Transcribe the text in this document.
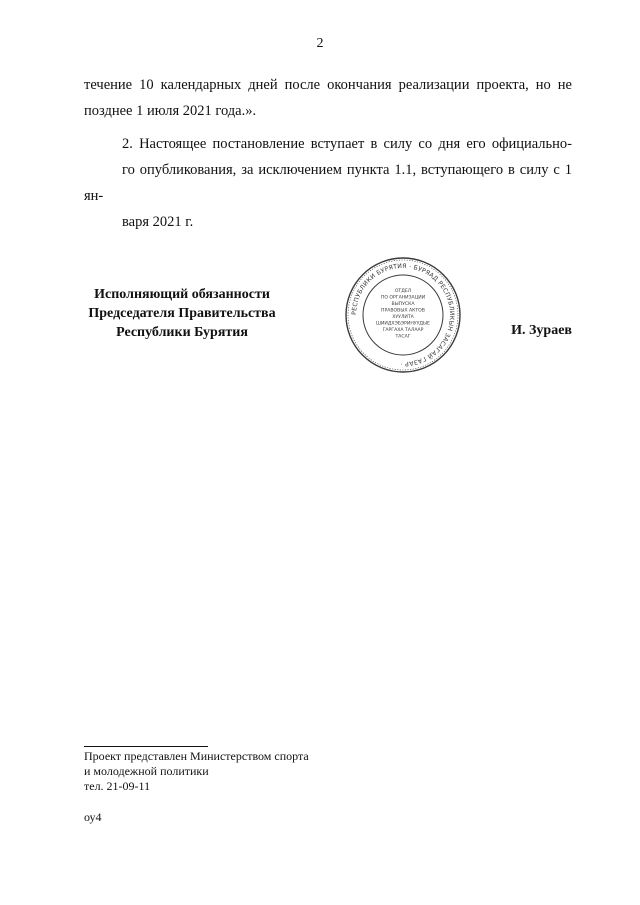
2

течение 10 календарных дней после окончания реализации проекта, но не
позднее 1 июля 2021 года.».

2. Настоящее постановление вступает в силу со дня его официально-
го опубликования, за исключением пункта 1.1, вступающего в силу с 1 ян-
варя 2021 г.

Исполняющий обязанности
Председателя Правительства
Республики Бурятия
РЕСПУБЛИКИ БУРЯТИЯ · БУРЯАД РЕСПУБЛИКЫН ЗАСАГАЙ ГАЗАР ·
ОТДЕЛ
ПО ОРГАНИЗАЦИИ
ВЫПУСКА
ПРАВОВЫХ АКТОВ
ХУУЛИТА
ШИИДХЭБЭРИНУУДЫЕ
ГАРГАХА ТАЛААР
ТАСАГ	И. Зураев
Проект представлен Министерством спорта
и молодежной политики
тел. 21-09-11
оу4
